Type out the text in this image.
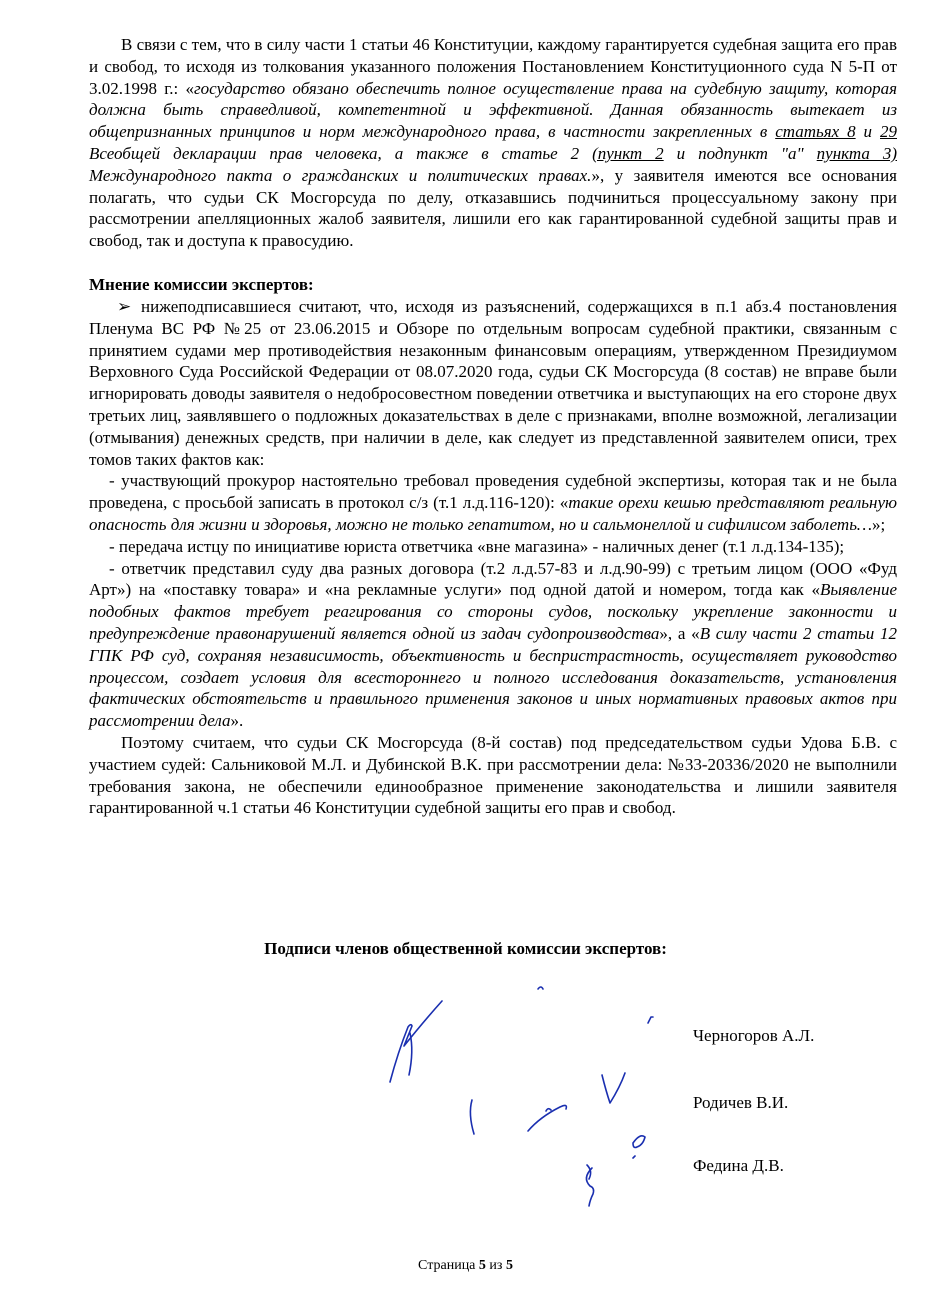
В связи с тем, что в силу части 1 статьи 46 Конституции, каждому гарантируется судебная защита его прав и свобод, то исходя из толкования указанного положения Постановлением Конституционного суда N 5-П от 3.02.1998 г.: «государство обязано обеспечить полное осуществление права на судебную защиту, которая должна быть справедливой, компетентной и эффективной. Данная обязанность вытекает из общепризнанных принципов и норм международного права, в частности закрепленных в статьях 8 и 29 Всеобщей декларации прав человека, а также в статье 2 (пункт 2 и подпункт "а" пункта 3) Международного пакта о гражданских и политических правах.», у заявителя имеются все основания полагать, что судьи СК Мосгорсуда по делу, отказавшись подчиниться процессуальному закону при рассмотрении апелляционных жалоб заявителя, лишили его как гарантированной судебной защиты прав и свобод, так и доступа к правосудию.

Мнение комиссии экспертов:

➢ нижеподписавшиеся считают, что, исходя из разъяснений, содержащихся в п.1 абз.4 постановления Пленума ВС РФ №25 от 23.06.2015 и Обзоре по отдельным вопросам судебной практики, связанным с принятием судами мер противодействия незаконным финансовым операциям, утвержденном Президиумом Верховного Суда Российской Федерации от 08.07.2020 года, судьи СК Мосгорсуда (8 состав) не вправе были игнорировать доводы заявителя о недобросовестном поведении ответчика и выступающих на его стороне двух третьих лиц, заявлявшего о подложных доказательствах в деле с признаками, вполне возможной, легализации (отмывания) денежных средств, при наличии в деле, как следует из представленной заявителем описи, трех томов таких фактов как:

- участвующий прокурор настоятельно требовал проведения судебной экспертизы, которая так и не была проведена, с просьбой записать в протокол с/з (т.1 л.д.116-120): «такие орехи кешью представляют реальную опасность для жизни и здоровья, можно не только гепатитом, но и сальмонеллой и сифилисом заболеть…»;

- передача истцу по инициативе юриста ответчика «вне магазина» - наличных денег (т.1 л.д.134-135);

- ответчик представил суду два разных договора (т.2 л.д.57-83 и л.д.90-99) с третьим лицом (ООО «Фуд Арт») на «поставку товара» и «на рекламные услуги» под одной датой и номером, тогда как «Выявление подобных фактов требует реагирования со стороны судов, поскольку укрепление законности и предупреждение правонарушений является одной из задач судопроизводства», а «В силу части 2 статьи 12 ГПК РФ суд, сохраняя независимость, объективность и беспристрастность, осуществляет руководство процессом, создает условия для всестороннего и полного исследования доказательств, установления фактических обстоятельств и правильного применения законов и иных нормативных правовых актов при рассмотрении дела».

Поэтому считаем, что судьи СК Мосгорсуда (8-й состав) под председательством судьи Удова Б.В. с участием судей: Сальниковой М.Л. и Дубинской В.К. при рассмотрении дела: №33-20336/2020 не выполнили требования закона, не обеспечили единообразное применение законодательства и лишили заявителя гарантированной ч.1 статьи 46 Конституции судебной защиты его прав и свобод.

Подписи членов общественной комиссии экспертов:
Черногоров А.Л.
Родичев В.И.
Федина Д.В.
Страница 5 из 5
